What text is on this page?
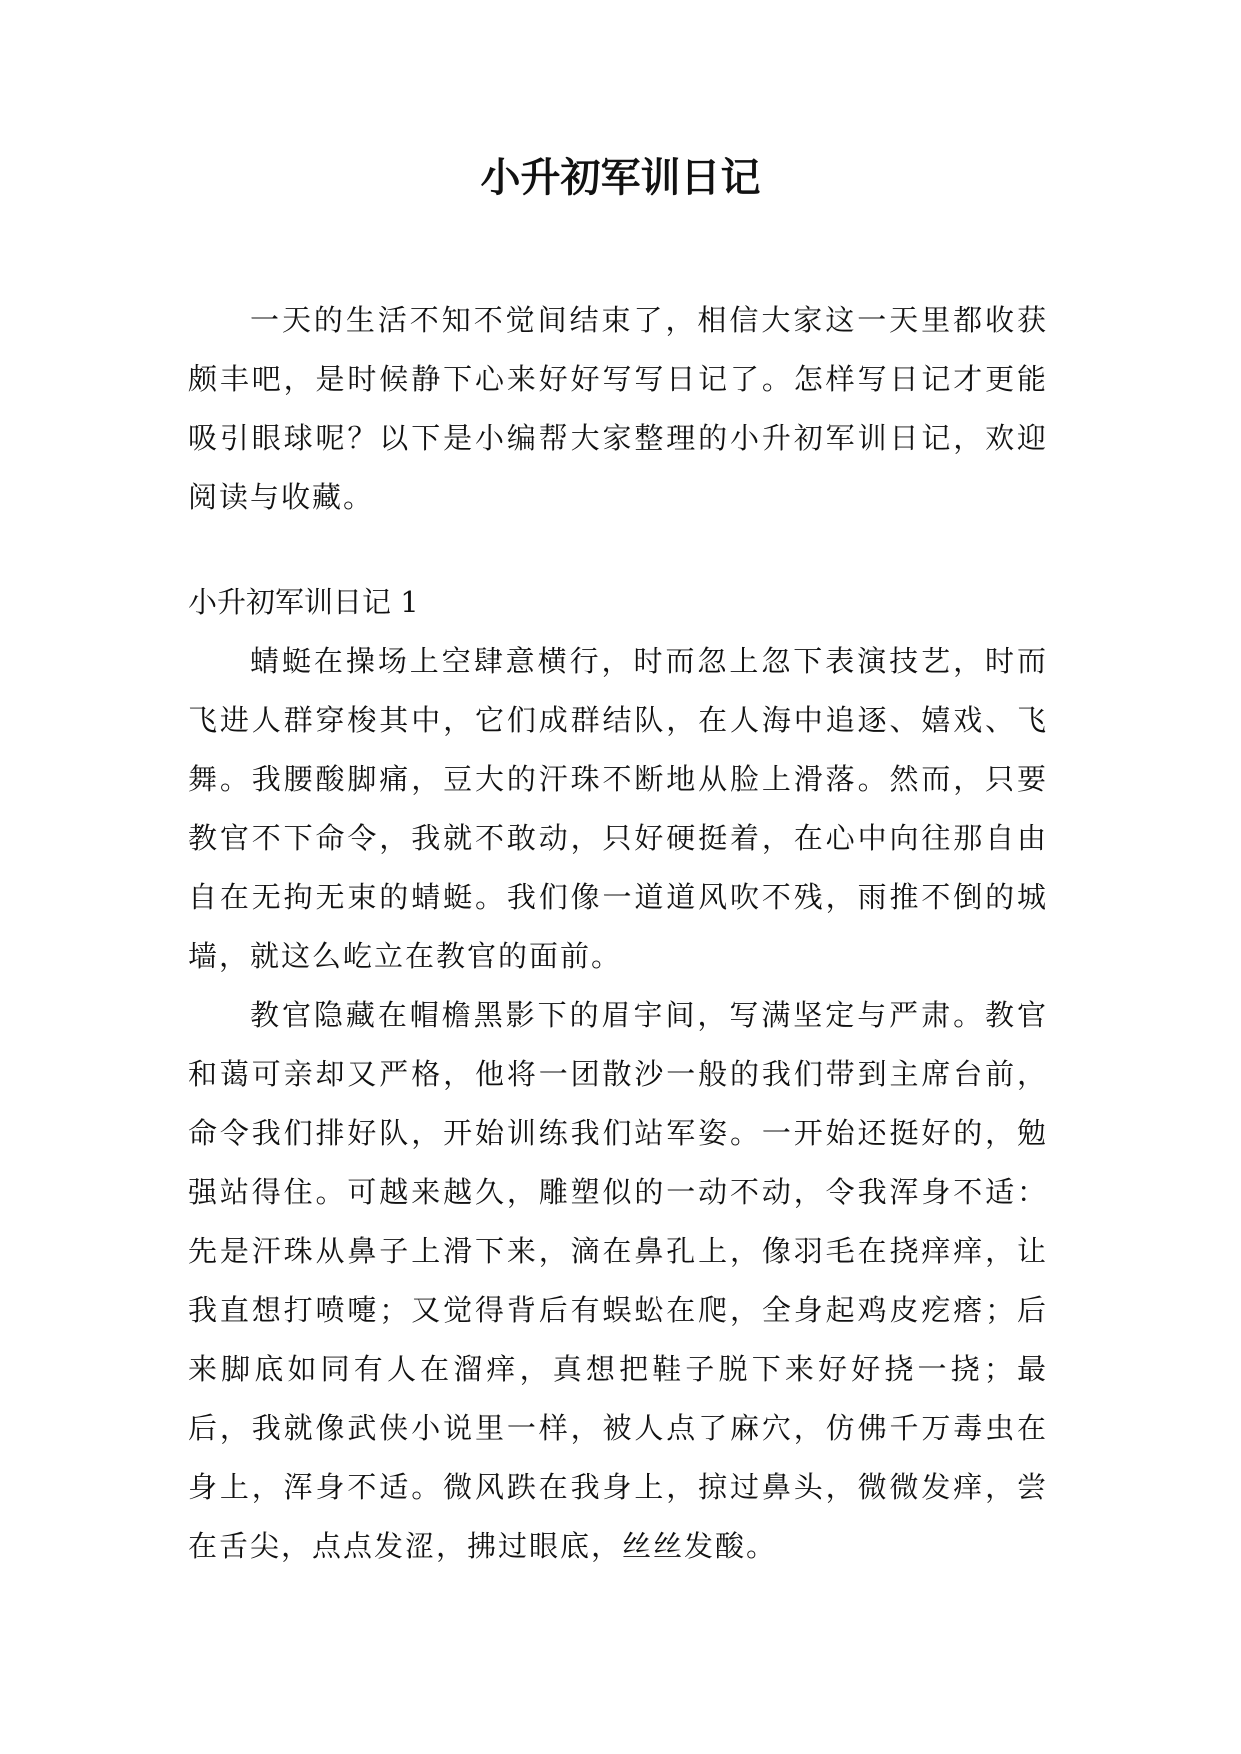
小升初军训日记

一天的生活不知不觉间结束了，相信大家这一天里都收获颇丰吧，是时候静下心来好好写写日记了。怎样写日记才更能吸引眼球呢？以下是小编帮大家整理的小升初军训日记，欢迎阅读与收藏。

小升初军训日记 1

蜻蜓在操场上空肆意横行，时而忽上忽下表演技艺，时而飞进人群穿梭其中，它们成群结队，在人海中追逐、嬉戏、飞舞。我腰酸脚痛，豆大的汗珠不断地从脸上滑落。然而，只要教官不下命令，我就不敢动，只好硬挺着，在心中向往那自由自在无拘无束的蜻蜓。我们像一道道风吹不残，雨推不倒的城墙，就这么屹立在教官的面前。

教官隐藏在帽檐黑影下的眉宇间，写满坚定与严肃。教官和蔼可亲却又严格，他将一团散沙一般的我们带到主席台前，命令我们排好队，开始训练我们站军姿。一开始还挺好的，勉强站得住。可越来越久，雕塑似的一动不动，令我浑身不适：先是汗珠从鼻子上滑下来，滴在鼻孔上，像羽毛在挠痒痒，让我直想打喷嚏；又觉得背后有蜈蚣在爬，全身起鸡皮疙瘩；后来脚底如同有人在溜痒，真想把鞋子脱下来好好挠一挠；最后，我就像武侠小说里一样，被人点了麻穴，仿佛千万毒虫在身上，浑身不适。微风跌在我身上，掠过鼻头，微微发痒，尝在舌尖，点点发涩，拂过眼底，丝丝发酸。
